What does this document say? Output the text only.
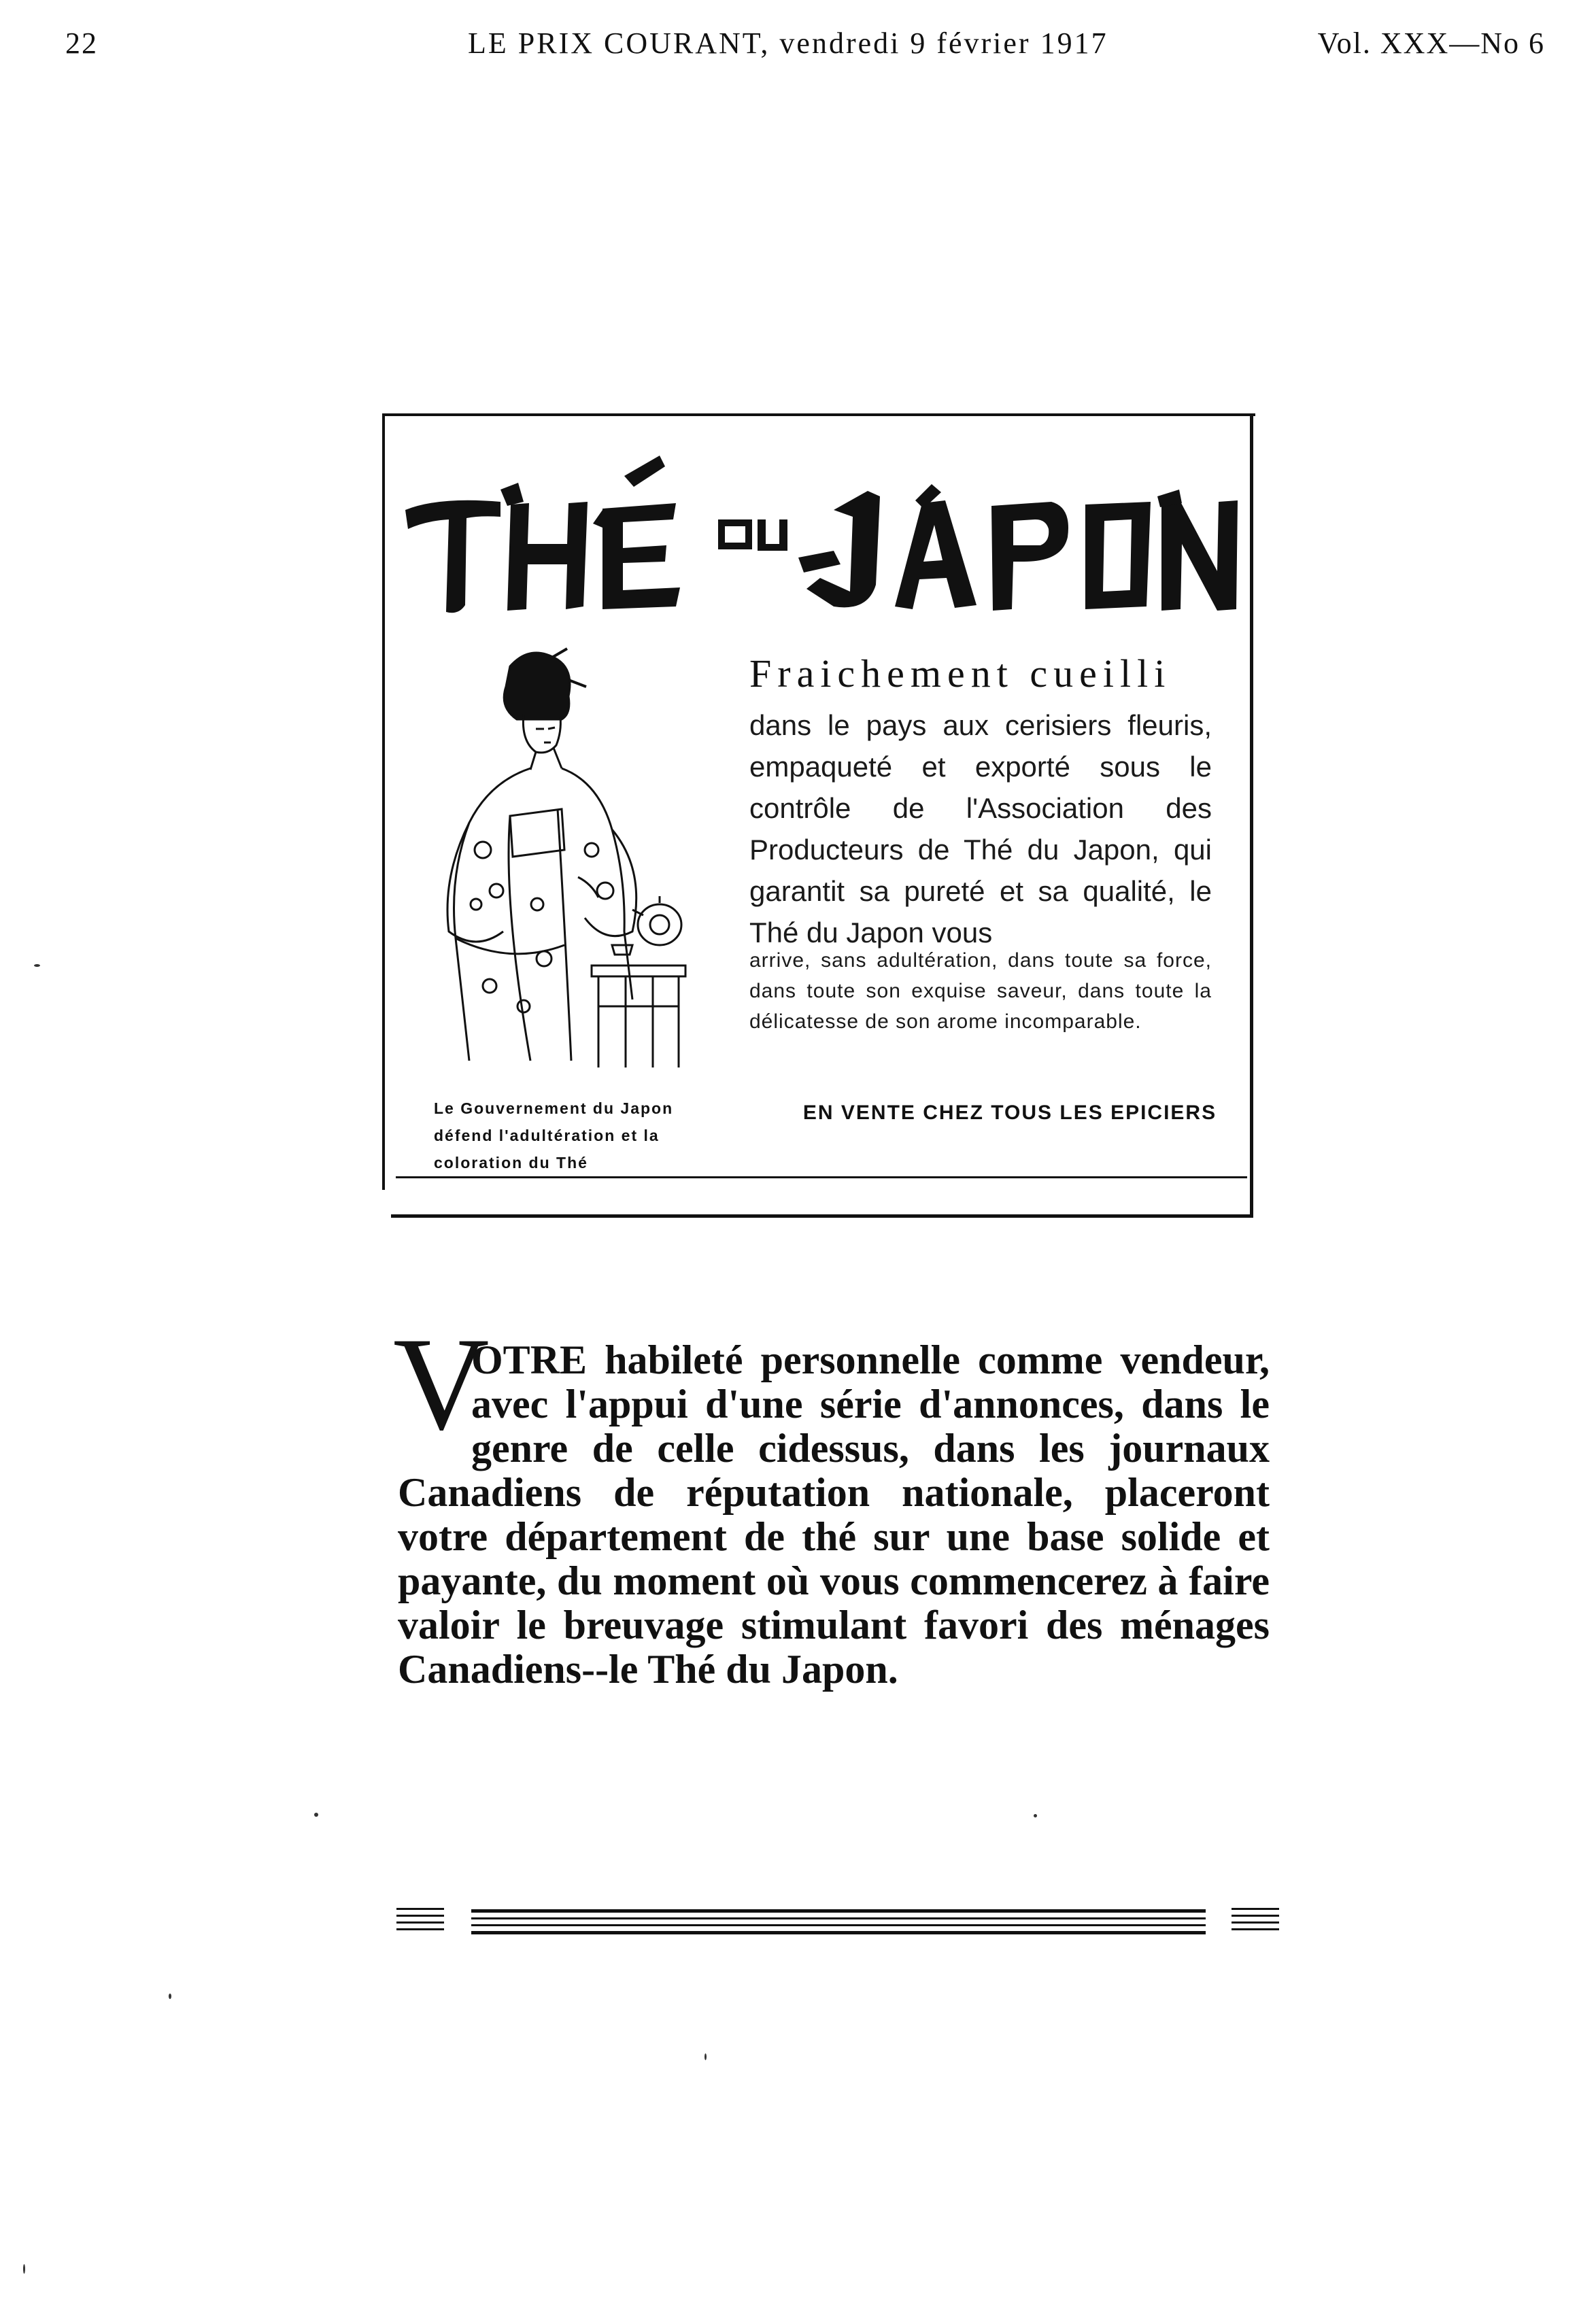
22	LE PRIX COURANT, vendredi 9 février 1917	Vol. XXX—No 6
Fraichement cueilli
dans le pays aux cerisiers fleuris, empaqueté et exporté sous le contrôle de l'Association des Producteurs de Thé du Japon, qui garantit sa pureté et sa qualité, le Thé du Japon vous
arrive, sans adultération, dans toute sa force, dans toute son exquise saveur, dans toute la délicatesse de son arome incomparable.
Le Gouvernement du Japon défend l'adultération et la coloration du Thé
EN VENTE CHEZ TOUS LES EPICIERS
V
OTRE habileté personnelle comme vendeur, avec l'appui d'une série d'annonces, dans le genre de celle cidessus, dans les journaux Canadiens de réputation nationale, placeront votre département de thé sur une base solide et payante, du moment où vous commencerez à faire valoir le breuvage stimulant favori des ménages Canadiens--le Thé du Japon.
